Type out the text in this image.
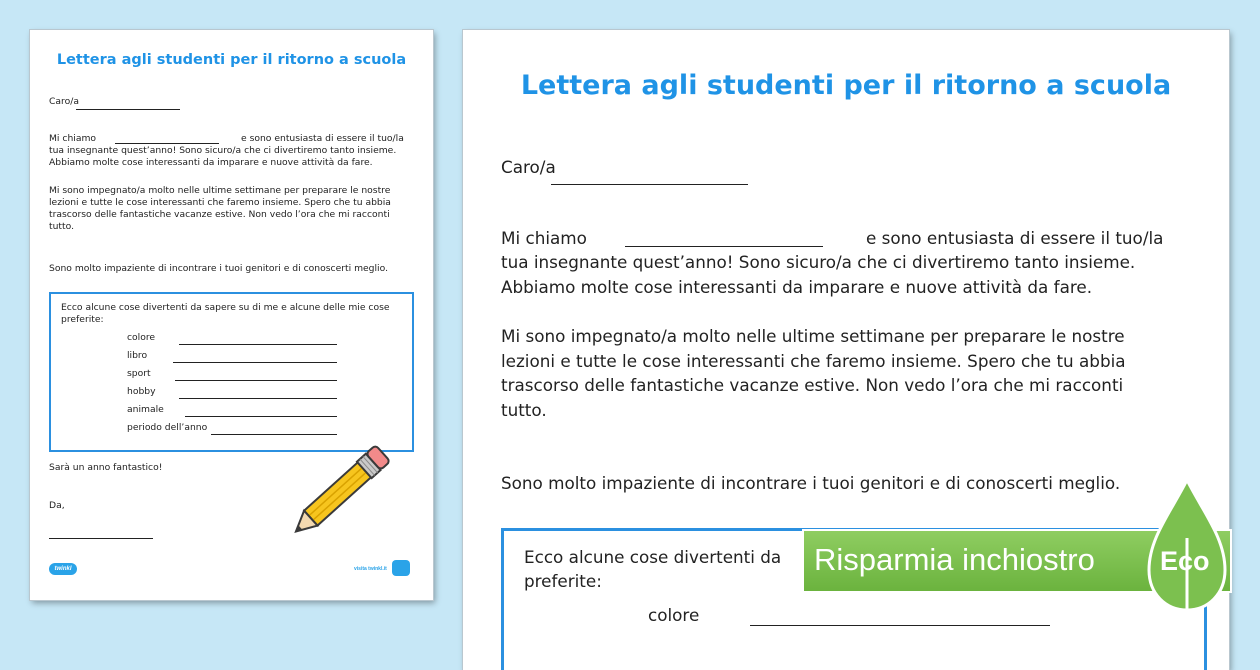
Lettera agli studenti per il ritorno a scuola
Caro/a
Mi chiamo	e sono entusiasta di essere il tuo/la
tua insegnante quest’anno! Sono sicuro/a che ci divertiremo tanto insieme.
Abbiamo molte cose interessanti da imparare e nuove attività da fare.
Mi sono impegnato/a molto nelle ultime settimane per preparare le nostre
lezioni e tutte le cose interessanti che faremo insieme. Spero che tu abbia
trascorso delle fantastiche vacanze estive. Non vedo l’ora che mi racconti
tutto.
Sono molto impaziente di incontrare i tuoi genitori e di conoscerti meglio.
Ecco alcune cose divertenti da sapere su di me e alcune delle mie cose
preferite:
colore
libro
sport
hobby
animale
periodo dell’anno
Sarà un anno fantastico!
Da,
twinkl	visita twinkl.it
Lettera agli studenti per il ritorno a scuola
Caro/a
Mi chiamo	e sono entusiasta di essere il tuo/la
tua insegnante quest’anno! Sono sicuro/a che ci divertiremo tanto insieme.
Abbiamo molte cose interessanti da imparare e nuove attività da fare.
Mi sono impegnato/a molto nelle ultime settimane per preparare le nostre
lezioni e tutte le cose interessanti che faremo insieme. Spero che tu abbia
trascorso delle fantastiche vacanze estive. Non vedo l’ora che mi racconti
tutto.
Sono molto impaziente di incontrare i tuoi genitori e di conoscerti meglio.
Ecco alcune cose divertenti da
preferite:
colore
Risparmia inchiostro Eco
